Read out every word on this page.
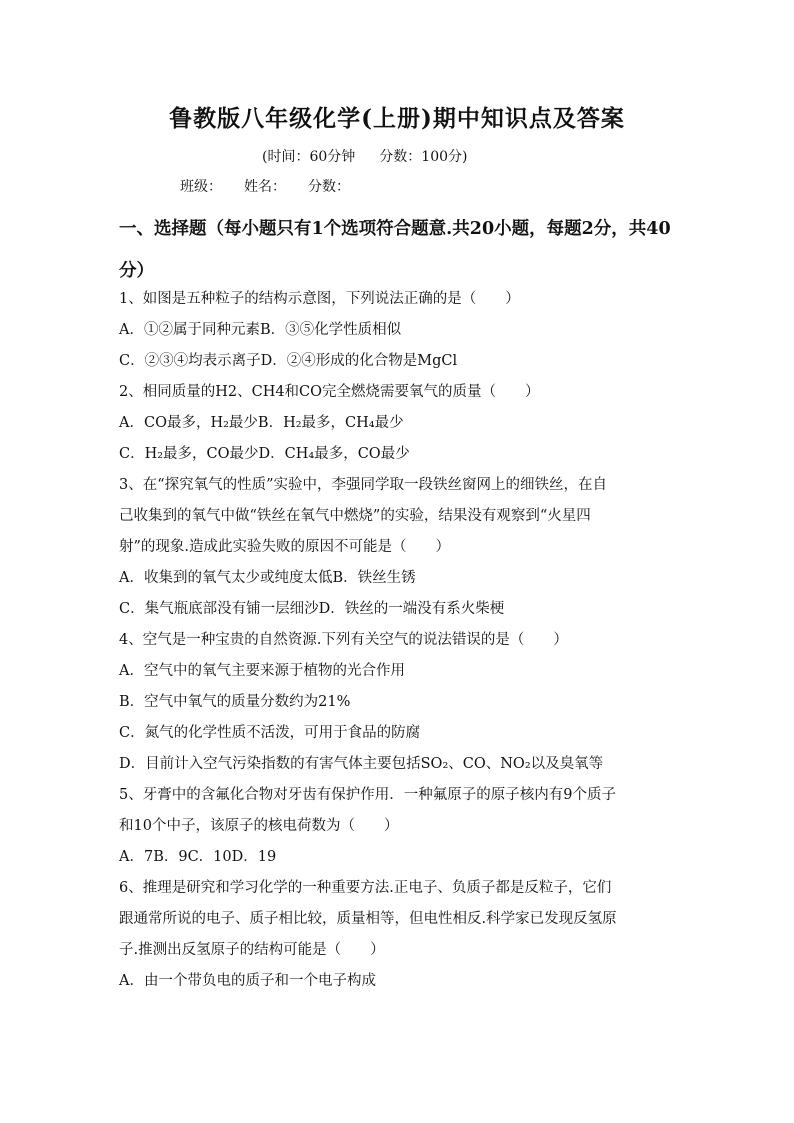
鲁教版八年级化学(上册)期中知识点及答案
(时间：60分钟 分数：100分)
班级： 姓名： 分数：
一、选择题（每小题只有1个选项符合题意.共20小题，每题2分，共40分）
1、如图是五种粒子的结构示意图，下列说法正确的是（　　）
A．①②属于同种元素B．③⑤化学性质相似
C．②③④均表示离子D．②④形成的化合物是MgCl
2、相同质量的H2、CH4和CO完全燃烧需要氧气的质量（　　）
A．CO最多，H₂最少B．H₂最多，CH₄最少
C．H₂最多，CO最少D．CH₄最多，CO最少
3、在“探究氧气的性质”实验中，李强同学取一段铁丝窗网上的细铁丝，在自
己收集到的氧气中做“铁丝在氧气中燃烧”的实验，结果没有观察到“火星四
射”的现象.造成此实验失败的原因不可能是（　　）
A．收集到的氧气太少或纯度太低B．铁丝生锈
C．集气瓶底部没有铺一层细沙D．铁丝的一端没有系火柴梗
4、空气是一种宝贵的自然资源.下列有关空气的说法错误的是（　　）
A．空气中的氧气主要来源于植物的光合作用
B．空气中氧气的质量分数约为21%
C．氮气的化学性质不活泼，可用于食品的防腐
D．目前计入空气污染指数的有害气体主要包括SO₂、CO、NO₂以及臭氧等
5、牙膏中的含氟化合物对牙齿有保护作用．一种氟原子的原子核内有9个质子
和10个中子，该原子的核电荷数为（　　）
A．7B．9C．10D．19
6、推理是研究和学习化学的一种重要方法.正电子、负质子都是反粒子，它们
跟通常所说的电子、质子相比较，质量相等，但电性相反.科学家已发现反氢原
子.推测出反氢原子的结构可能是（　　）
A．由一个带负电的质子和一个电子构成
